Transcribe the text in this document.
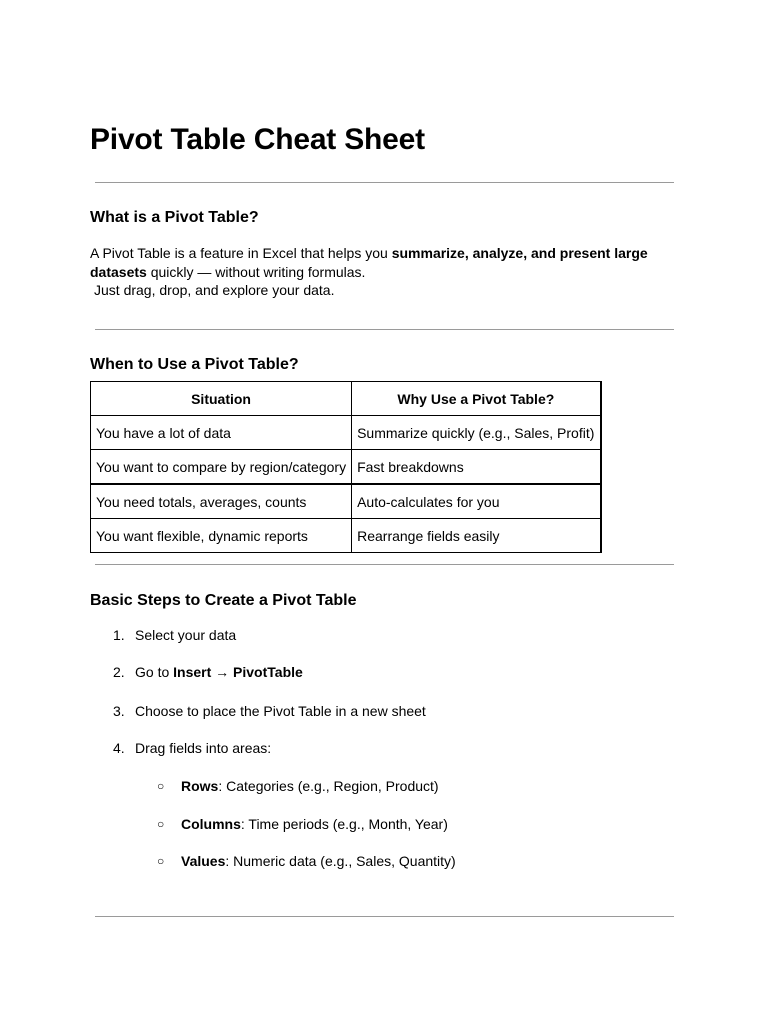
Pivot Table Cheat Sheet
What is a Pivot Table?

A Pivot Table is a feature in Excel that helps you summarize, analyze, and present large datasets quickly — without writing formulas.
Just drag, drop, and explore your data.

When to Use a Pivot Table?
Situation	Why Use a Pivot Table?
You have a lot of data	Summarize quickly (e.g., Sales, Profit)
You want to compare by region/category	Fast breakdowns
You need totals, averages, counts	Auto-calculates for you
You want flexible, dynamic reports	Rearrange fields easily
Basic Steps to Create a Pivot Table
1. Select your data
2. Go to Insert → PivotTable
3. Choose to place the Pivot Table in a new sheet
4. Drag fields into areas:
○ Rows: Categories (e.g., Region, Product)
○ Columns: Time periods (e.g., Month, Year)
○ Values: Numeric data (e.g., Sales, Quantity)
